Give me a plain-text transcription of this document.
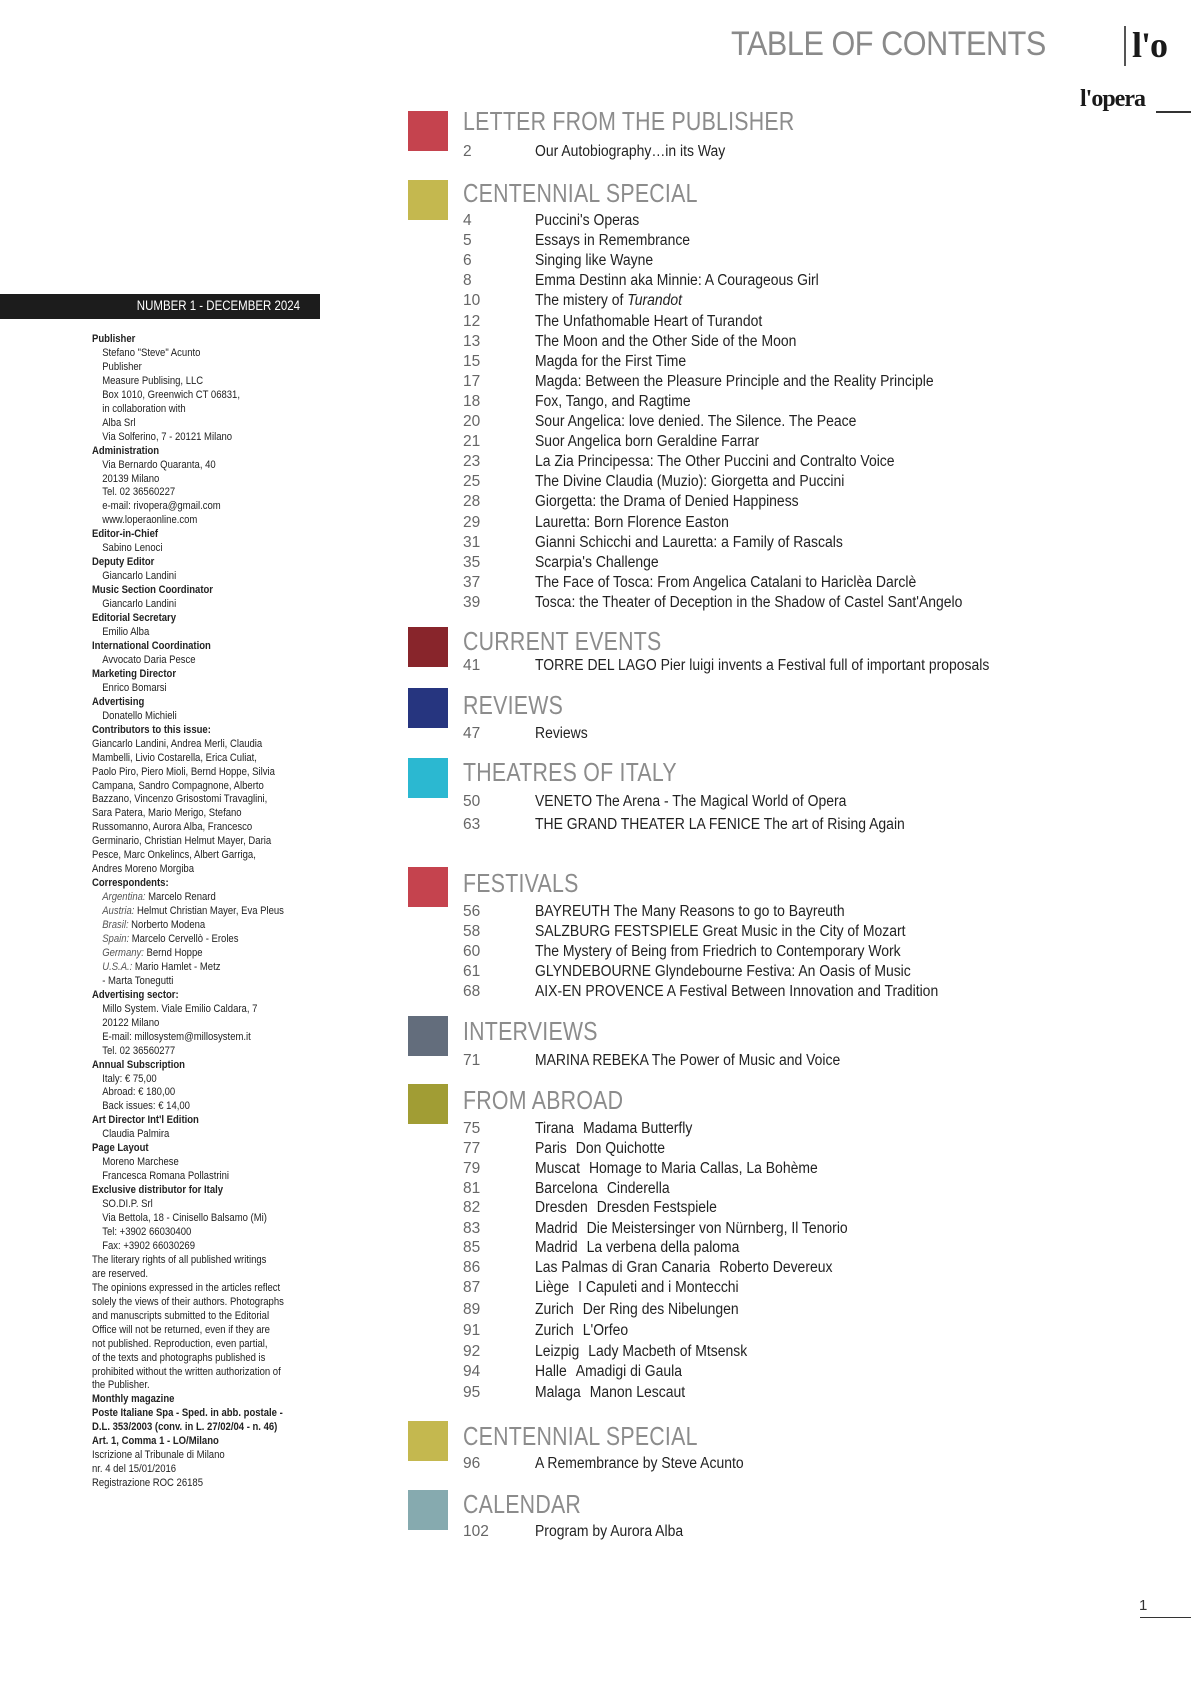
TABLE OF CONTENTS l'o
l'opera
LETTER FROM THE PUBLISHER
2	Our Autobiography…in its Way
CENTENNIAL SPECIAL
4	Puccini's Operas
5	Essays in Remembrance
6	Singing like Wayne
8	Emma Destinn aka Minnie: A Courageous Girl
10	The mistery of Turandot
12	The Unfathomable Heart of Turandot
13	The Moon and the Other Side of the Moon
15	Magda for the First Time
17	Magda: Between the Pleasure Principle and the Reality Principle
18	Fox, Tango, and Ragtime
20	Sour Angelica: love denied. The Silence. The Peace
21	Suor Angelica born Geraldine Farrar
23	La Zia Principessa: The Other Puccini and Contralto Voice
25	The Divine Claudia (Muzio): Giorgetta and Puccini
28	Giorgetta: the Drama of Denied Happiness
29	Lauretta: Born Florence Easton
31	Gianni Schicchi and Lauretta: a Family of Rascals
35	Scarpia's Challenge
37	The Face of Tosca: From Angelica Catalani to Hariclèa Darclè
39	Tosca: the Theater of Deception in the Shadow of Castel Sant'Angelo
CURRENT EVENTS
41	TORRE DEL LAGO Pier luigi invents a Festival full of important proposals
REVIEWS
47	Reviews
THEATRES OF ITALY
50	VENETO The Arena - The Magical World of Opera
63	THE GRAND THEATER LA FENICE The art of Rising Again
FESTIVALS
56	BAYREUTH The Many Reasons to go to Bayreuth
58	SALZBURG FESTSPIELE Great Music in the City of Mozart
60	The Mystery of Being from Friedrich to Contemporary Work
61	GLYNDEBOURNE Glyndebourne Festiva: An Oasis of Music
68	AIX-EN PROVENCE A Festival Between Innovation and Tradition
INTERVIEWS
71	MARINA REBEKA The Power of Music and Voice
FROM ABROAD
75	Tirana Madama Butterfly
77	Paris Don Quichotte
79	Muscat Homage to Maria Callas, La Bohème
81	Barcelona Cinderella
82	Dresden Dresden Festspiele
83	Madrid Die Meistersinger von Nürnberg, Il Tenorio
85	Madrid La verbena della paloma
86	Las Palmas di Gran Canaria Roberto Devereux
87	Liège I Capuleti and i Montecchi
89	Zurich Der Ring des Nibelungen
91	Zurich L'Orfeo
92	Leizpig Lady Macbeth of Mtsensk
94	Halle Amadigi di Gaula
95	Malaga Manon Lescaut
CENTENNIAL SPECIAL
96	A Remembrance by Steve Acunto
CALENDAR
102	Program by Aurora Alba
NUMBER 1 - DECEMBER 2024
Publisher
Stefano "Steve" Acunto
Publisher
Measure Publising, LLC
Box 1010, Greenwich CT 06831,
in collaboration with
Alba Srl
Via Solferino, 7 - 20121 Milano
Administration
Via Bernardo Quaranta, 40
20139 Milano
Tel. 02 36560227
e-mail: rivopera@gmail.com
www.loperaonline.com
Editor-in-Chief
Sabino Lenoci
Deputy Editor
Giancarlo Landini
Music Section Coordinator
Giancarlo Landini
Editorial Secretary
Emilio Alba
International Coordination
Avvocato Daria Pesce
Marketing Director
Enrico Bomarsi
Advertising
Donatello Michieli
Contributors to this issue:
Giancarlo Landini, Andrea Merli, Claudia
Mambelli, Livio Costarella, Erica Culiat,
Paolo Piro, Piero Mioli, Bernd Hoppe, Silvia
Campana, Sandro Compagnone, Alberto
Bazzano, Vincenzo Grisostomi Travaglini,
Sara Patera, Mario Merigo, Stefano
Russomanno, Aurora Alba, Francesco
Germinario, Christian Helmut Mayer, Daria
Pesce, Marc Onkelincs, Albert Garriga,
Andres Moreno Morgiba
Correspondents:
Argentina: Marcelo Renard
Austria: Helmut Christian Mayer, Eva Pleus
Brasil: Norberto Modena
Spain: Marcelo Cervellò - Eroles
Germany: Bernd Hoppe
U.S.A.: Mario Hamlet - Metz
- Marta Tonegutti
Advertising sector:
Millo System. Viale Emilio Caldara, 7
20122 Milano
E-mail: millosystem@millosystem.it
Tel. 02 36560277
Annual Subscription
Italy: € 75,00
Abroad: € 180,00
Back issues: € 14,00
Art Director Int'l Edition
Claudia Palmira
Page Layout
Moreno Marchese
Francesca Romana Pollastrini
Exclusive distributor for Italy
SO.DI.P. Srl
Via Bettola, 18 - Cinisello Balsamo (Mi)
Tel: +3902 66030400
Fax: +3902 66030269
The literary rights of all published writings
are reserved.
The opinions expressed in the articles reflect
solely the views of their authors. Photographs
and manuscripts submitted to the Editorial
Office will not be returned, even if they are
not published. Reproduction, even partial,
of the texts and photographs published is
prohibited without the written authorization of
the Publisher.
Monthly magazine
Poste Italiane Spa - Sped. in abb. postale -
D.L. 353/2003 (conv. in L. 27/02/04 - n. 46)
Art. 1, Comma 1 - LO/Milano
Iscrizione al Tribunale di Milano
nr. 4 del 15/01/2016
Registrazione ROC 26185
1
